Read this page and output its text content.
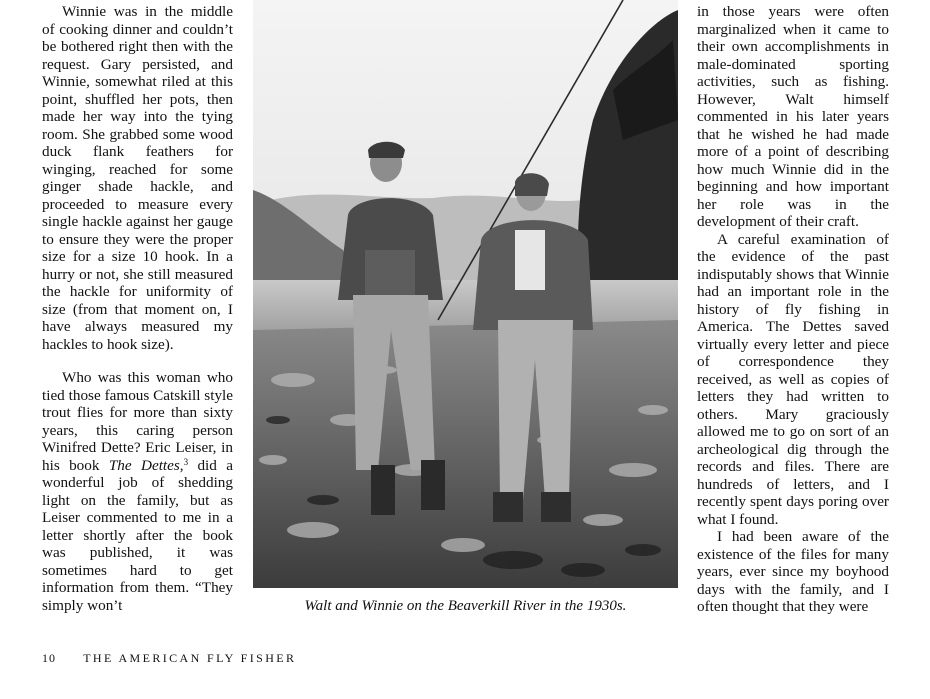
Winnie was in the middle of cooking dinner and couldn’t be bothered right then with the request. Gary persisted, and Winnie, somewhat riled at this point, shuffled her pots, then made her way into the tying room. She grabbed some wood duck flank feathers for winging, reached for some ginger shade hackle, and proceeded to measure every single hackle against her gauge to ensure they were the proper size for a size 10 hook. In a hurry or not, she still measured the hackle for uniformity of size (from that moment on, I have always measured my hackles to hook size).

Who was this woman who tied those famous Catskill style trout flies for more than sixty years, this caring person Winifred Dette? Eric Leiser, in his book The Dettes,$^3$ did a wonderful job of shedding light on the family, but as Leiser commented to me in a letter shortly after the book was published, it was sometimes hard to get information from them. “They simply won’t	Walt and Winnie on the Beaverkill River in the 1930s.

in those years were often marginalized when it came to their own accomplishments in male-dominated sporting activities, such as fishing. However, Walt himself commented in his later years that he wished he had made more of a point of describing how much Winnie did in the beginning and how important her role was in the development of their craft.

A careful examination of the evidence of the past indisputably shows that Winnie had an important role in the history of fly fishing in America. The Dettes saved virtually every letter and piece of correspondence they received, as well as copies of letters they had written to others. Mary graciously allowed me to go on sort of an archeological dig through the records and files. There are hundreds of letters, and I recently spent days poring over what I found.

I had been aware of the existence of the files for many years, ever since my boyhood days with the family, and I often thought that they were

10 THE AMERICAN FLY FISHER
